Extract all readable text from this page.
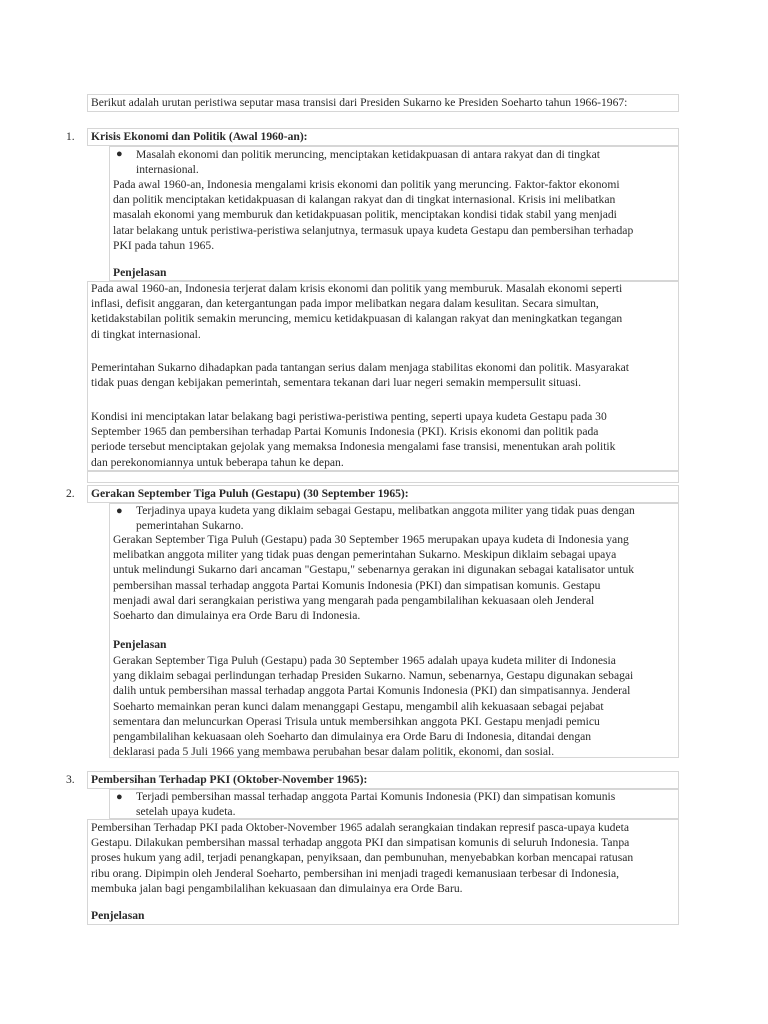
Berikut adalah urutan peristiwa seputar masa transisi dari Presiden Sukarno ke Presiden Soeharto tahun 1966-1967:

1. Krisis Ekonomi dan Politik (Awal 1960-an):

● Masalah ekonomi dan politik meruncing, menciptakan ketidakpuasan di antara rakyat dan di tingkat
internasional.
Pada awal 1960-an, Indonesia mengalami krisis ekonomi dan politik yang meruncing. Faktor-faktor ekonomi
dan politik menciptakan ketidakpuasan di kalangan rakyat dan di tingkat internasional. Krisis ini melibatkan
masalah ekonomi yang memburuk dan ketidakpuasan politik, menciptakan kondisi tidak stabil yang menjadi
latar belakang untuk peristiwa-peristiwa selanjutnya, termasuk upaya kudeta Gestapu dan pembersihan terhadap
PKI pada tahun 1965.

Penjelasan

Pada awal 1960-an, Indonesia terjerat dalam krisis ekonomi dan politik yang memburuk. Masalah ekonomi seperti
inflasi, defisit anggaran, dan ketergantungan pada impor melibatkan negara dalam kesulitan. Secara simultan,
ketidakstabilan politik semakin meruncing, memicu ketidakpuasan di kalangan rakyat dan meningkatkan tegangan
di tingkat internasional.
Pemerintahan Sukarno dihadapkan pada tantangan serius dalam menjaga stabilitas ekonomi dan politik. Masyarakat
tidak puas dengan kebijakan pemerintah, sementara tekanan dari luar negeri semakin mempersulit situasi.
Kondisi ini menciptakan latar belakang bagi peristiwa-peristiwa penting, seperti upaya kudeta Gestapu pada 30
September 1965 dan pembersihan terhadap Partai Komunis Indonesia (PKI). Krisis ekonomi dan politik pada
periode tersebut menciptakan gejolak yang memaksa Indonesia mengalami fase transisi, menentukan arah politik
dan perekonomiannya untuk beberapa tahun ke depan.
2. Gerakan September Tiga Puluh (Gestapu) (30 September 1965):

● Terjadinya upaya kudeta yang diklaim sebagai Gestapu, melibatkan anggota militer yang tidak puas dengan
pemerintahan Sukarno.
Gerakan September Tiga Puluh (Gestapu) pada 30 September 1965 merupakan upaya kudeta di Indonesia yang
melibatkan anggota militer yang tidak puas dengan pemerintahan Sukarno. Meskipun diklaim sebagai upaya
untuk melindungi Sukarno dari ancaman "Gestapu," sebenarnya gerakan ini digunakan sebagai katalisator untuk
pembersihan massal terhadap anggota Partai Komunis Indonesia (PKI) dan simpatisan komunis. Gestapu
menjadi awal dari serangkaian peristiwa yang mengarah pada pengambilalihan kekuasaan oleh Jenderal
Soeharto dan dimulainya era Orde Baru di Indonesia.

Penjelasan

Gerakan September Tiga Puluh (Gestapu) pada 30 September 1965 adalah upaya kudeta militer di Indonesia
yang diklaim sebagai perlindungan terhadap Presiden Sukarno. Namun, sebenarnya, Gestapu digunakan sebagai
dalih untuk pembersihan massal terhadap anggota Partai Komunis Indonesia (PKI) dan simpatisannya. Jenderal
Soeharto memainkan peran kunci dalam menanggapi Gestapu, mengambil alih kekuasaan sebagai pejabat
sementara dan meluncurkan Operasi Trisula untuk membersihkan anggota PKI. Gestapu menjadi pemicu
pengambilalihan kekuasaan oleh Soeharto dan dimulainya era Orde Baru di Indonesia, ditandai dengan
deklarasi pada 5 Juli 1966 yang membawa perubahan besar dalam politik, ekonomi, dan sosial.
3. Pembersihan Terhadap PKI (Oktober-November 1965):

● Terjadi pembersihan massal terhadap anggota Partai Komunis Indonesia (PKI) dan simpatisan komunis
setelah upaya kudeta.
Pembersihan Terhadap PKI pada Oktober-November 1965 adalah serangkaian tindakan represif pasca-upaya kudeta
Gestapu. Dilakukan pembersihan massal terhadap anggota PKI dan simpatisan komunis di seluruh Indonesia. Tanpa
proses hukum yang adil, terjadi penangkapan, penyiksaan, dan pembunuhan, menyebabkan korban mencapai ratusan
ribu orang. Dipimpin oleh Jenderal Soeharto, pembersihan ini menjadi tragedi kemanusiaan terbesar di Indonesia,
membuka jalan bagi pengambilalihan kekuasaan dan dimulainya era Orde Baru.

Penjelasan
